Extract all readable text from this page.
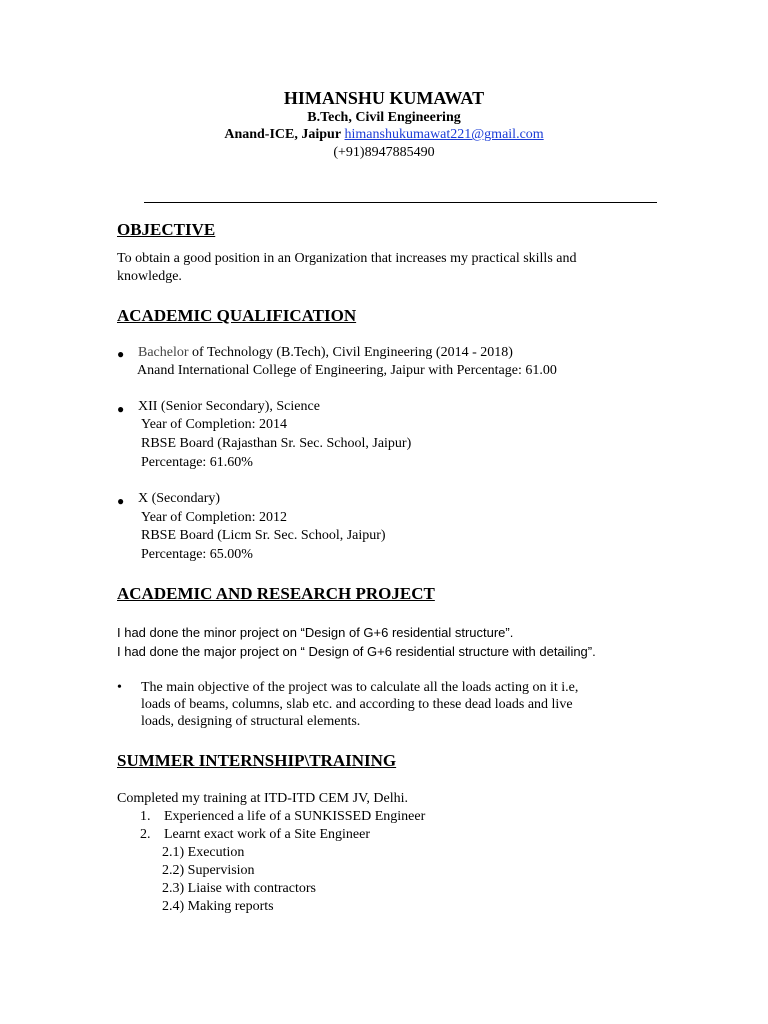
HIMANSHU KUMAWAT
B.Tech, Civil Engineering
Anand-ICE, Jaipur himanshukumawat221@gmail.com
(+91)8947885490
OBJECTIVE
To obtain a good position in an Organization that increases my practical skills and
knowledge.
ACADEMIC QUALIFICATION
● Bachelor of Technology (B.Tech), Civil Engineering (2014 - 2018)
Anand International College of Engineering, Jaipur with Percentage: 61.00
● XII (Senior Secondary), Science
Year of Completion: 2014
RBSE Board (Rajasthan Sr. Sec. School, Jaipur)
Percentage: 61.60%
● X (Secondary)
Year of Completion: 2012
RBSE Board (Licm Sr. Sec. School, Jaipur)
Percentage: 65.00%
ACADEMIC AND RESEARCH PROJECT
I had done the minor project on “Design of G+6 residential structure”.
I had done the major project on “ Design of G+6 residential structure with detailing”.
• The main objective of the project was to calculate all the loads acting on it i.e,
loads of beams, columns, slab etc. and according to these dead loads and live
loads, designing of structural elements.
SUMMER INTERNSHIP\TRAINING
Completed my training at ITD-ITD CEM JV, Delhi.
1. Experienced a life of a SUNKISSED Engineer
2. Learnt exact work of a Site Engineer
2.1) Execution
2.2) Supervision
2.3) Liaise with contractors
2.4) Making reports
